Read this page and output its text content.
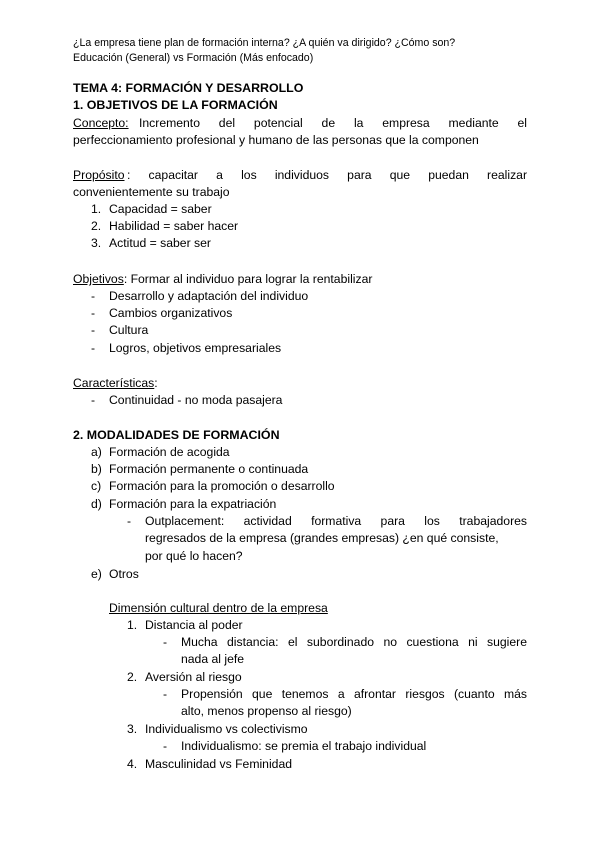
¿La empresa tiene plan de formación interna? ¿A quién va dirigido? ¿Cómo son?
Educación (General) vs Formación (Más enfocado)
TEMA 4: FORMACIÓN Y DESARROLLO
1. OBJETIVOS DE LA FORMACIÓN
Concepto: Incremento del potencial de la empresa mediante el
perfeccionamiento profesional y humano de las personas que la componen
Propósito : capacitar a los individuos para que puedan realizar
convenientemente su trabajo
1. Capacidad = saber
2. Habilidad = saber hacer
3. Actitud = saber ser
Objetivos: Formar al individuo para lograr la rentabilizar
- Desarrollo y adaptación del individuo
- Cambios organizativos
- Cultura
- Logros, objetivos empresariales
Características:
- Continuidad - no moda pasajera
2. MODALIDADES DE FORMACIÓN
a) Formación de acogida
b) Formación permanente o continuada
c) Formación para la promoción o desarrollo
d) Formación para la expatriación
- Outplacement: actividad formativa para los trabajadores
regresados de la empresa (grandes empresas) ¿en qué consiste,
por qué lo hacen?
e) Otros
Dimensión cultural dentro de la empresa
1. Distancia al poder
- Mucha distancia: el subordinado no cuestiona ni sugiere
nada al jefe
2. Aversión al riesgo
- Propensión que tenemos a afrontar riesgos (cuanto más
alto, menos propenso al riesgo)
3. Individualismo vs colectivismo
- Individualismo: se premia el trabajo individual
4. Masculinidad vs Feminidad
